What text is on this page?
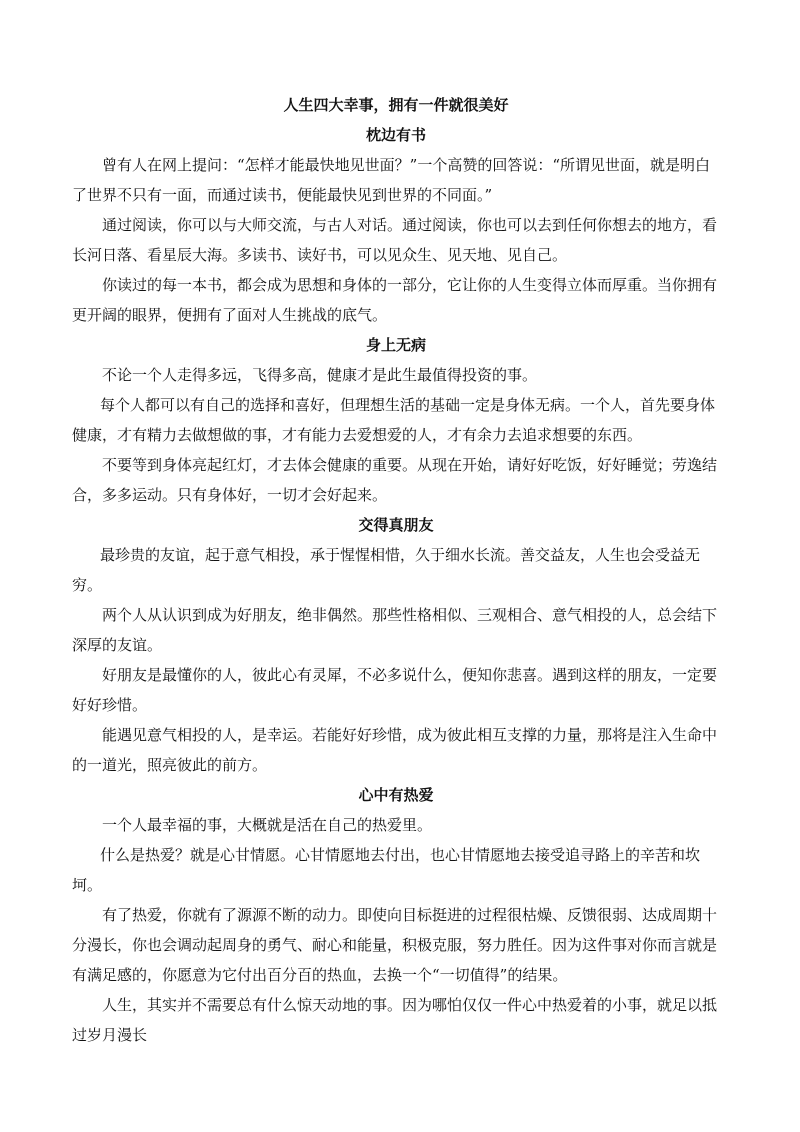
人生四大幸事，拥有一件就很美好
枕边有书

曾有人在网上提问：“怎样才能最快地见世面？”一个高赞的回答说：“所谓见世面，就是明白了世界不只有一面，而通过读书，便能最快见到世界的不同面。”

通过阅读，你可以与大师交流，与古人对话。通过阅读，你也可以去到任何你想去的地方，看长河日落、看星辰大海。多读书、读好书，可以见众生、见天地、见自己。

你读过的每一本书，都会成为思想和身体的一部分，它让你的人生变得立体而厚重。当你拥有更开阔的眼界，便拥有了面对人生挑战的底气。

身上无病

不论一个人走得多远，飞得多高，健康才是此生最值得投资的事。

每个人都可以有自己的选择和喜好，但理想生活的基础一定是身体无病。一个人，首先要身体健康，才有精力去做想做的事，才有能力去爱想爱的人，才有余力去追求想要的东西。

不要等到身体亮起红灯，才去体会健康的重要。从现在开始，请好好吃饭，好好睡觉；劳逸结合，多多运动。只有身体好，一切才会好起来。

交得真朋友

最珍贵的友谊，起于意气相投，承于惺惺相惜，久于细水长流。善交益友，人生也会受益无穷。

两个人从认识到成为好朋友，绝非偶然。那些性格相似、三观相合、意气相投的人，总会结下深厚的友谊。

好朋友是最懂你的人，彼此心有灵犀，不必多说什么，便知你悲喜。遇到这样的朋友，一定要好好珍惜。

能遇见意气相投的人，是幸运。若能好好珍惜，成为彼此相互支撑的力量，那将是注入生命中的一道光，照亮彼此的前方。

心中有热爱

一个人最幸福的事，大概就是活在自己的热爱里。

什么是热爱？就是心甘情愿。心甘情愿地去付出，也心甘情愿地去接受追寻路上的辛苦和坎坷。

有了热爱，你就有了源源不断的动力。即使向目标挺进的过程很枯燥、反馈很弱、达成周期十分漫长，你也会调动起周身的勇气、耐心和能量，积极克服，努力胜任。因为这件事对你而言就是有满足感的，你愿意为它付出百分百的热血，去换一个“一切值得”的结果。

人生，其实并不需要总有什么惊天动地的事。因为哪怕仅仅一件心中热爱着的小事，就足以抵过岁月漫长
